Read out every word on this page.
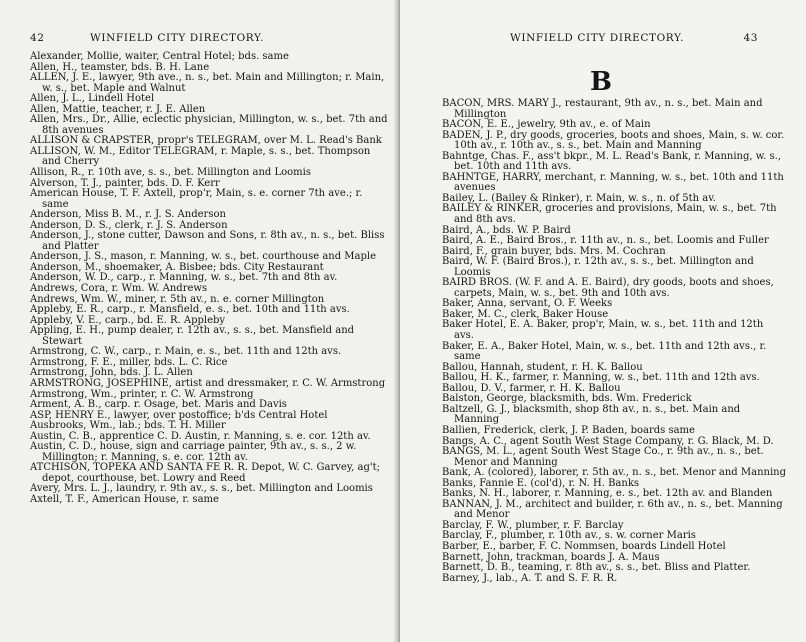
42	WINFIELD CITY DIRECTORY.
Alexander, Mollie, waiter, Central Hotel; bds. same
Allen, H., teamster, bds. B. H. Lane
ALLEN, J. E., lawyer, 9th ave., n. s., bet. Main and Millington; r. Main, w. s., bet. Maple and Walnut
Allen, J. L., Lindell Hotel
Allen, Mattie, teacher, r. J. E. Allen
Allen, Mrs., Dr., Allie, eclectic physician, Millington, w. s., bet. 7th and 8th avenues
ALLISON & CRAPSTER, propr's TELEGRAM, over M. L. Read's Bank
ALLISON, W. M., Editor TELEGRAM, r. Maple, s. s., bet. Thompson and Cherry
Allison, R., r. 10th ave, s. s., bet. Millington and Loomis
Alverson, T. J., painter, bds. D. F. Kerr
American House, T. F. Axtell, prop'r, Main, s. e. corner 7th ave.; r. same
Anderson, Miss B. M., r. J. S. Anderson
Anderson, D. S., clerk, r. J. S. Anderson
Anderson, J., stone cutter, Dawson and Sons, r. 8th av., n. s., bet. Bliss and Platter
Anderson, J. S., mason, r. Manning, w. s., bet. courthouse and Maple
Anderson, M., shoemaker, A. Bisbee; bds. City Restaurant
Anderson, W. D., carp., r. Manning, w. s., bet. 7th and 8th av.
Andrews, Cora, r. Wm. W. Andrews
Andrews, Wm. W., miner, r. 5th av., n. e. corner Millington
Appleby, E. R., carp., r. Mansfield, e. s., bet. 10th and 11th avs.
Appleby, V. E., carp., bd. E. R. Appleby
Appling, E. H., pump dealer, r. 12th av., s. s., bet. Mansfield and Stewart
Armstrong, C. W., carp., r. Main, e. s., bet. 11th and 12th avs.
Armstrong, F. E., miller, bds. L. C. Rice
Armstrong, John, bds. J. L. Allen
ARMSTRONG, JOSEPHINE, artist and dressmaker, r. C. W. Armstrong
Armstrong, Wm., printer, r. C. W. Armstrong
Arment, A. B., carp. r. Osage, bet. Maris and Davis
ASP, HENRY E., lawyer, over postoffice; b'ds Central Hotel
Ausbrooks, Wm., lab.; bds. T. H. Miller
Austin, C. B., apprentice C. D. Austin, r. Manning, s. e. cor. 12th av.
Austin, C. D., house, sign and carriage painter, 9th av., s. s., 2 w. Millington; r. Manning, s. e. cor. 12th av.
ATCHISON, TOPEKA AND SANTA FE R. R. Depot, W. C. Garvey, ag't; depot, courthouse, bet. Lowry and Reed
Avery, Mrs. L. J., laundry, r. 9th av., s. s., bet. Millington and Loomis
Axtell, T. F., American House, r. same
WINFIELD CITY DIRECTORY.	43
B
BACON, MRS. MARY J., restaurant, 9th av., n. s., bet. Main and Millington
BACON, E. E., jewelry, 9th av., e. of Main
BADEN, J. P., dry goods, groceries, boots and shoes, Main, s. w. cor. 10th av., r. 10th av., s. s., bet. Main and Manning
Bahntge, Chas. F., ass't bkpr., M. L. Read's Bank, r. Manning, w. s., bet. 10th and 11th avs.
BAHNTGE, HARRY, merchant, r. Manning, w. s., bet. 10th and 11th avenues
Bailey, L. (Bailey & Rinker), r. Main, w. s., n. of 5th av.
BAILEY & RINKER, groceries and provisions, Main, w. s., bet. 7th and 8th avs.
Baird, A., bds. W. P. Baird
Baird, A. E., Baird Bros., r. 11th av., n. s., bet. Loomis and Fuller
Baird, F., grain buyer, bds. Mrs. M. Cochran
Baird, W. F. (Baird Bros.), r. 12th av., s. s., bet. Millington and Loomis
BAIRD BROS. (W. F. and A. E. Baird), dry goods, boots and shoes, carpets, Main, w. s., bet. 9th and 10th avs.
Baker, Anna, servant, O. F. Weeks
Baker, M. C., clerk, Baker House
Baker Hotel, E. A. Baker, prop'r, Main, w. s., bet. 11th and 12th avs.
Baker, E. A., Baker Hotel, Main, w. s., bet. 11th and 12th avs., r. same
Ballou, Hannah, student, r. H. K. Ballou
Ballou, H. K., farmer, r. Manning, w. s., bet. 11th and 12th avs.
Ballou, D. V., farmer, r. H. K. Ballou
Balston, George, blacksmith, bds. Wm. Frederick
Baltzell, G. J., blacksmith, shop 8th av., n. s., bet. Main and Manning
Ballien, Frederick, clerk, J. P. Baden, boards same
Bangs, A. C., agent South West Stage Company, r. G. Black, M. D.
BANGS, M. L., agent South West Stage Co., r. 9th av., n. s., bet. Menor and Manning
Bank, A. (colored), laborer, r. 5th av., n. s., bet. Menor and Manning
Banks, Fannie E. (col'd), r. N. H. Banks
Banks, N. H., laborer, r. Manning, e. s., bet. 12th av. and Blanden
BANNAN, J. M., architect and builder, r. 6th av., n. s., bet. Manning and Menor
Barclay, F. W., plumber, r. F. Barclay
Barclay, F., plumber, r. 10th av., s. w. corner Maris
Barber, E., barber, F. C. Nommsen, boards Lindell Hotel
Barnett, John, trackman, boards J. A. Maus
Barnett, D. B., teaming, r. 8th av., s. s., bet. Bliss and Platter.
Barney, J., lab., A. T. and S. F. R. R.
